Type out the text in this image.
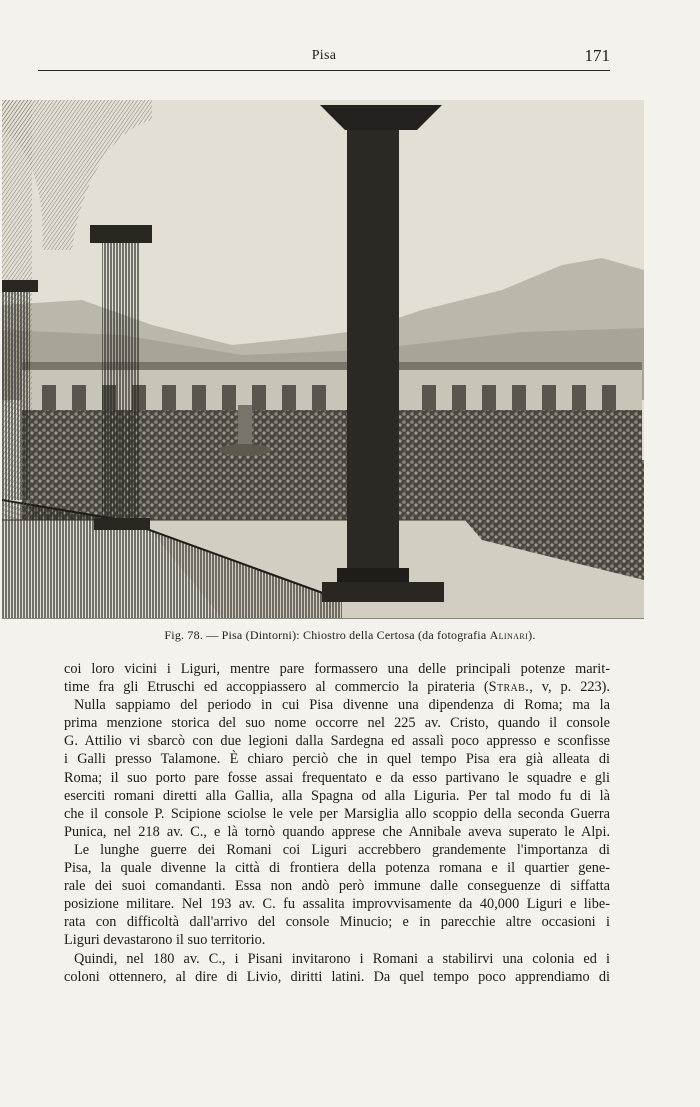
Pisa	171
Fig. 78. — Pisa (Dintorni): Chiostro della Certosa (da fotografia Alinari).
coi loro vicini i Liguri, mentre pare formassero una delle principali potenze marit-
time fra gli Etruschi ed accoppiassero al commercio la pirateria (Strab., v, p. 223).
Nulla sappiamo del periodo in cui Pisa divenne una dipendenza di Roma; ma la
prima menzione storica del suo nome occorre nel 225 av. Cristo, quando il console
G. Attilio vi sbarcò con due legioni dalla Sardegna ed assalì poco appresso e sconfisse
i Galli presso Talamone. È chiaro perciò che in quel tempo Pisa era già alleata di
Roma; il suo porto pare fosse assai frequentato e da esso partivano le squadre e gli
eserciti romani diretti alla Gallia, alla Spagna od alla Liguria. Per tal modo fu di là
che il console P. Scipione sciolse le vele per Marsiglia allo scoppio della seconda Guerra
Punica, nel 218 av. C., e là tornò quando apprese che Annibale aveva superato le Alpi.
Le lunghe guerre dei Romani coi Liguri accrebbero grandemente l'importanza di
Pisa, la quale divenne la città di frontiera della potenza romana e il quartier gene-
rale dei suoi comandanti. Essa non andò però immune dalle conseguenze di siffatta
posizione militare. Nel 193 av. C. fu assalita improvvisamente da 40,000 Liguri e libe-
rata con difficoltà dall'arrivo del console Minucio; e in parecchie altre occasioni i
Liguri devastarono il suo territorio.
Quindi, nel 180 av. C., i Pisani invitarono i Romani a stabilirvi una colonia ed i
coloni ottennero, al dire di Livio, diritti latini. Da quel tempo poco apprendiamo di
